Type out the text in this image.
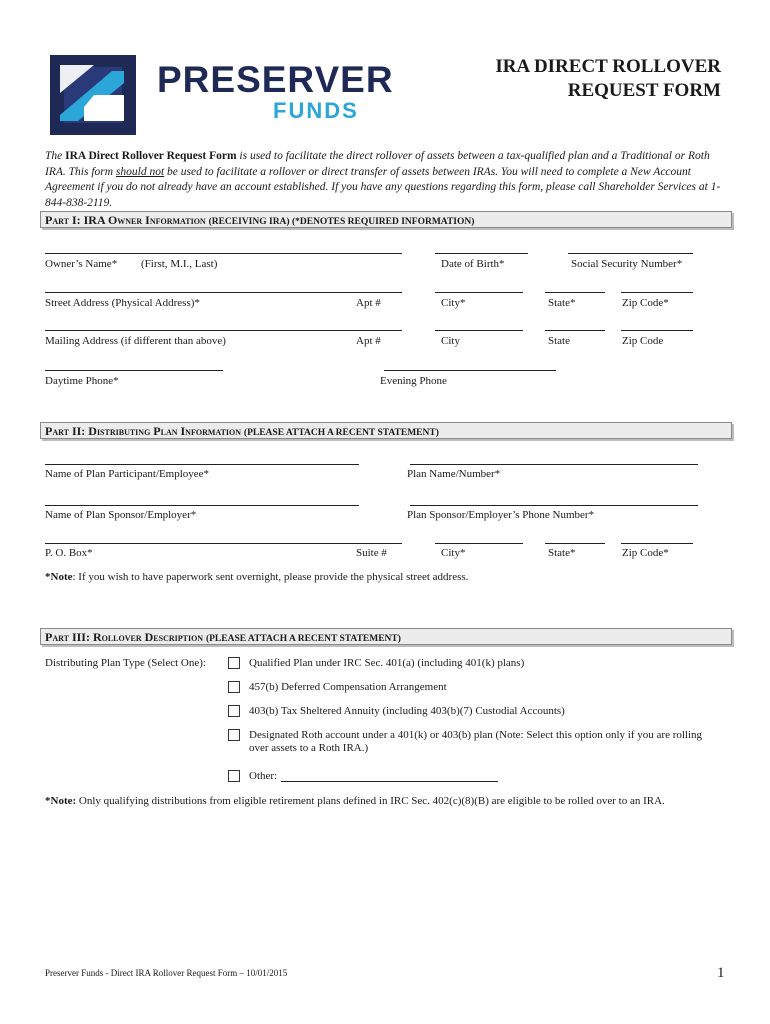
PRESERVER
FUNDS
IRA DIRECT ROLLOVER
REQUEST FORM
The IRA Direct Rollover Request Form is used to facilitate the direct rollover of assets between a tax-qualified plan and a Traditional or Roth IRA. This form should not be used to facilitate a rollover or direct transfer of assets between IRAs. You will need to complete a New Account Agreement if you do not already have an account established. If you have any questions regarding this form, please call Shareholder Services at 1-844-838-2119.
Part I: IRA Owner Information (RECEIVING IRA) (*DENOTES REQUIRED INFORMATION)
Owner’s Name* (First, M.I., Last)	Date of Birth*	Social Security Number*
Street Address (Physical Address)*	Apt #	City*	State*	Zip Code*
Mailing Address (if different than above)	Apt #	City	State	Zip Code
Daytime Phone*	Evening Phone
Part II: Distributing Plan Information (PLEASE ATTACH A RECENT STATEMENT)
Name of Plan Participant/Employee*	Plan Name/Number*
Name of Plan Sponsor/Employer*	Plan Sponsor/Employer’s Phone Number*
P. O. Box*	Suite #	City*	State*	Zip Code*
*Note: If you wish to have paperwork sent overnight, please provide the physical street address.
Part III: Rollover Description (PLEASE ATTACH A RECENT STATEMENT)
Distributing Plan Type (Select One):	Qualified Plan under IRC Sec. 401(a) (including 401(k) plans)
457(b) Deferred Compensation Arrangement
403(b) Tax Sheltered Annuity (including 403(b)(7) Custodial Accounts)
Designated Roth account under a 401(k) or 403(b) plan (Note: Select this option only if you are rolling
over assets to a Roth IRA.)
Other:
*Note: Only qualifying distributions from eligible retirement plans defined in IRC Sec. 402(c)(8)(B) are eligible to be rolled over to an IRA.
Preserver Funds - Direct IRA Rollover Request Form – 10/01/2015	1
